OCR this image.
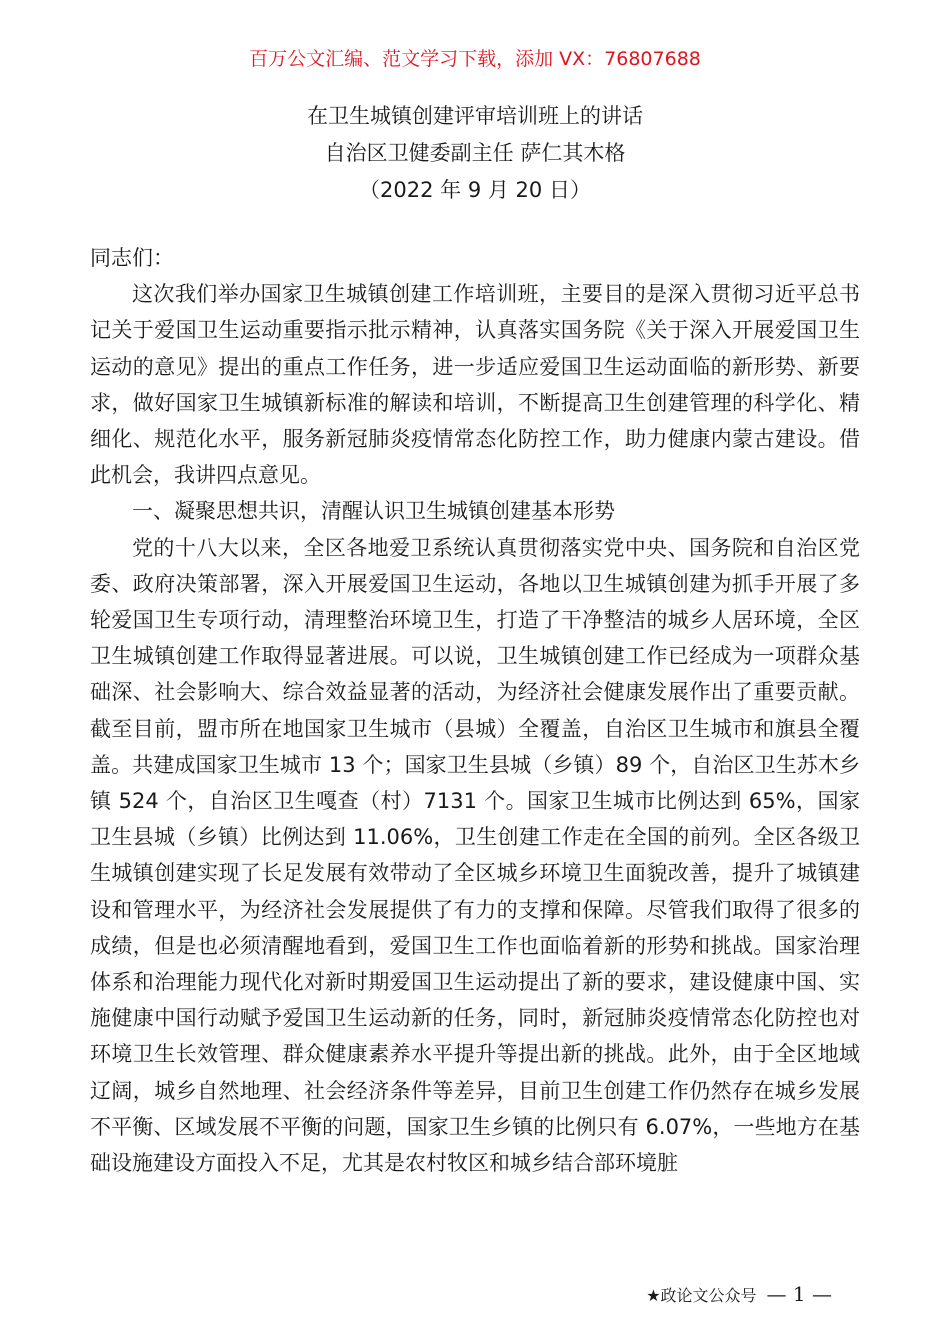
百万公文汇编、范文学习下载，添加 VX：76807688
在卫生城镇创建评审培训班上的讲话
自治区卫健委副主任 萨仁其木格
（2022 年 9 月 20 日）

同志们：

这次我们举办国家卫生城镇创建工作培训班，主要目的是深入贯彻习近平总书记关于爱国卫生运动重要指示批示精神，认真落实国务院《关于深入开展爱国卫生运动的意见》提出的重点工作任务，进一步适应爱国卫生运动面临的新形势、新要求，做好国家卫生城镇新标准的解读和培训，不断提高卫生创建管理的科学化、精细化、规范化水平，服务新冠肺炎疫情常态化防控工作，助力健康内蒙古建设。借此机会，我讲四点意见。

一、凝聚思想共识，清醒认识卫生城镇创建基本形势

党的十八大以来，全区各地爱卫系统认真贯彻落实党中央、国务院和自治区党委、政府决策部署，深入开展爱国卫生运动，各地以卫生城镇创建为抓手开展了多轮爱国卫生专项行动，清理整治环境卫生，打造了干净整洁的城乡人居环境，全区卫生城镇创建工作取得显著进展。可以说，卫生城镇创建工作已经成为一项群众基础深、社会影响大、综合效益显著的活动，为经济社会健康发展作出了重要贡献。截至目前，盟市所在地国家卫生城市（县城）全覆盖，自治区卫生城市和旗县全覆盖。共建成国家卫生城市 13 个；国家卫生县城（乡镇）89 个，自治区卫生苏木乡镇 524 个，自治区卫生嘎查（村）7131 个。国家卫生城市比例达到 65%，国家卫生县城（乡镇）比例达到 11.06%，卫生创建工作走在全国的前列。全区各级卫生城镇创建实现了长足发展有效带动了全区城乡环境卫生面貌改善，提升了城镇建设和管理水平，为经济社会发展提供了有力的支撑和保障。尽管我们取得了很多的成绩，但是也必须清醒地看到，爱国卫生工作也面临着新的形势和挑战。国家治理体系和治理能力现代化对新时期爱国卫生运动提出了新的要求，建设健康中国、实施健康中国行动赋予爱国卫生运动新的任务，同时，新冠肺炎疫情常态化防控也对环境卫生长效管理、群众健康素养水平提升等提出新的挑战。此外，由于全区地域辽阔，城乡自然地理、社会经济条件等差异，目前卫生创建工作仍然存在城乡发展不平衡、区域发展不平衡的问题，国家卫生乡镇的比例只有 6.07%，一些地方在基础设施建设方面投入不足，尤其是农村牧区和城乡结合部环境脏

★政论文公众号 — 1 —
